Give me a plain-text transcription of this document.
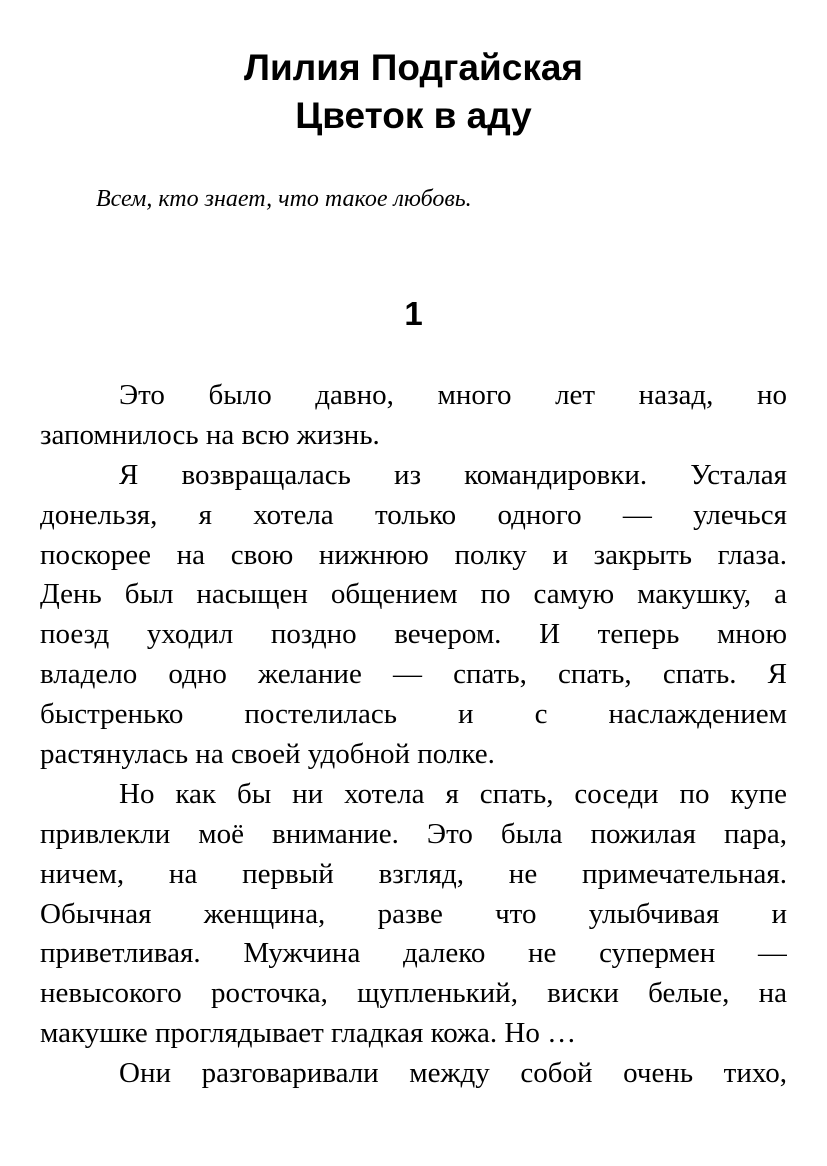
Лилия Подгайская
Цветок в аду
Всем, кто знает, что такое любовь.
1

Это было давно, много лет назад, но
запомнилось на всю жизнь.

Я возвращалась из командировки. Усталая
донельзя, я хотела только одного — улечься
поскорее на свою нижнюю полку и закрыть глаза.
День был насыщен общением по самую макушку, а
поезд уходил поздно вечером. И теперь мною
владело одно желание — спать, спать, спать. Я
быстренько постелилась и с наслаждением
растянулась на своей удобной полке.

Но как бы ни хотела я спать, соседи по купе
привлекли моё внимание. Это была пожилая пара,
ничем, на первый взгляд, не примечательная.
Обычная женщина, разве что улыбчивая и
приветливая. Мужчина далеко не супермен —
невысокого росточка, щупленький, виски белые, на
макушке проглядывает гладкая кожа. Но …

Они разговаривали между собой очень тихо,
